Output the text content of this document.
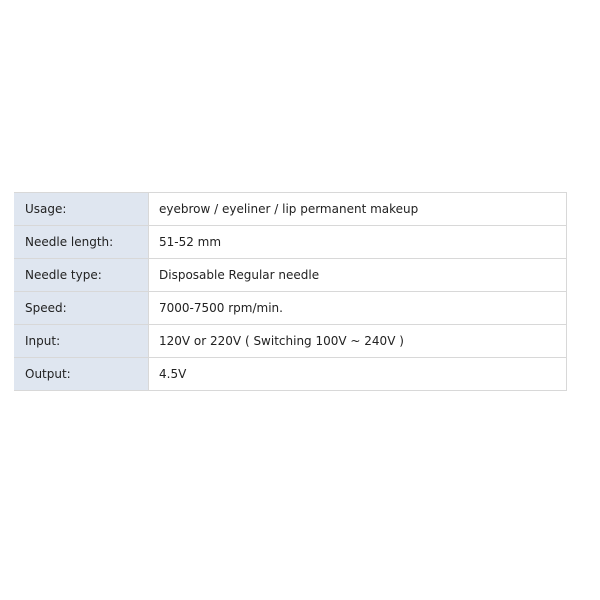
Usage:	eyebrow / eyeliner / lip permanent makeup
Needle length:	51-52 mm
Needle type:	Disposable Regular needle
Speed:	7000-7500 rpm/min.
Input:	120V or 220V ( Switching 100V ~ 240V )
Output:	4.5V
